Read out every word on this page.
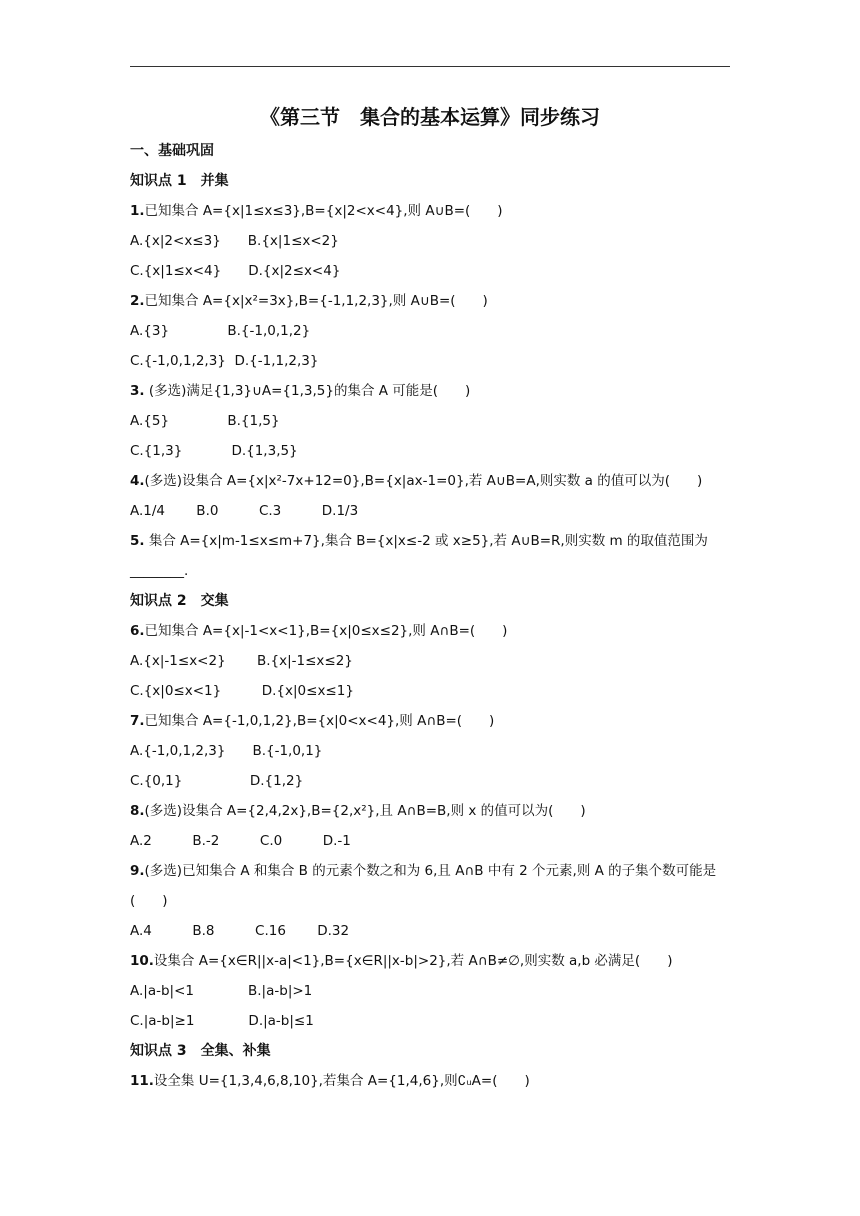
《第三节　集合的基本运算》同步练习
一、基础巩固
知识点 1　并集
1.已知集合 A={x|1≤x≤3},B={x|2<x<4},则 A∪B=(　　)
A.{x|2<x≤3}　　B.{x|1≤x<2}
C.{x|1≤x<4}　　D.{x|2≤x<4}
2.已知集合 A={x|x²=3x},B={-1,1,2,3},则 A∪B=(　　)
A.{3}　　　　 B.{-1,0,1,2}
C.{-1,0,1,2,3}  D.{-1,1,2,3}
3. (多选)满足{1,3}∪A={1,3,5}的集合 A 可能是(　　)
A.{5}　　　　 B.{1,5}
C.{1,3}　　　  D.{1,3,5}
4.(多选)设集合 A={x|x²-7x+12=0},B={x|ax-1=0},若 A∪B=A,则实数 a 的值可以为(　　)
A.1/4　　 B.0　　　C.3　　　D.1/3
5. 集合 A={x|m-1≤x≤m+7},集合 B={x|x≤-2 或 x≥5},若 A∪B=R,则实数 m 的取值范围为________.
知识点 2　交集
6.已知集合 A={x|-1<x<1},B={x|0≤x≤2},则 A∩B=(　　)
A.{x|-1≤x<2}　　 B.{x|-1≤x≤2}
C.{x|0≤x<1}　　　D.{x|0≤x≤1}
7.已知集合 A={-1,0,1,2},B={x|0<x<4},则 A∩B=(　　)
A.{-1,0,1,2,3}　　B.{-1,0,1}
C.{0,1}　　　　　D.{1,2}
8.(多选)设集合 A={2,4,2x},B={2,x²},且 A∩B=B,则 x 的值可以为(　　)
A.2　　　B.-2　　　C.0　　　D.-1
9.(多选)已知集合 A 和集合 B 的元素个数之和为 6,且 A∩B 中有 2 个元素,则 A 的子集个数可能是(　　)
A.4　　　B.8　　　C.16　　 D.32
10.设集合 A={x∈R||x-a|<1},B={x∈R||x-b|>2},若 A∩B≠∅,则实数 a,b 必满足(　　)
A.|a-b|<1　　　　B.|a-b|>1
C.|a-b|≥1　　　　D.|a-b|≤1
知识点 3　全集、补集
11.设全集 U={1,3,4,6,8,10},若集合 A={1,4,6},则∁ᵤA=(　　)
